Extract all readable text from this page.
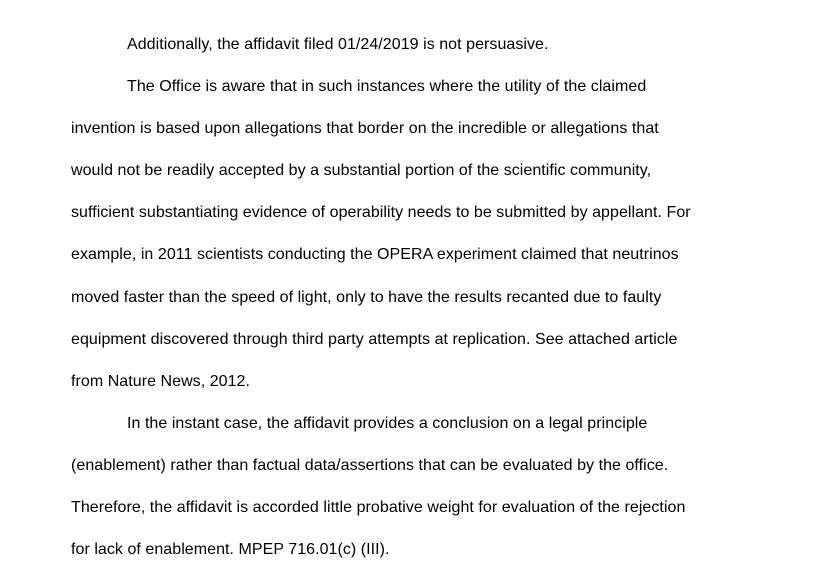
Additionally, the affidavit filed 01/24/2019 is not persuasive.
The Office is aware that in such instances where the utility of the claimed
invention is based upon allegations that border on the incredible or allegations that
would not be readily accepted by a substantial portion of the scientific community,
sufficient substantiating evidence of operability needs to be submitted by appellant. For
example, in 2011 scientists conducting the OPERA experiment claimed that neutrinos
moved faster than the speed of light, only to have the results recanted due to faulty
equipment discovered through third party attempts at replication. See attached article
from Nature News, 2012.
In the instant case, the affidavit provides a conclusion on a legal principle
(enablement) rather than factual data/assertions that can be evaluated by the office.
Therefore, the affidavit is accorded little probative weight for evaluation of the rejection
for lack of enablement. MPEP 716.01(c) (III).
